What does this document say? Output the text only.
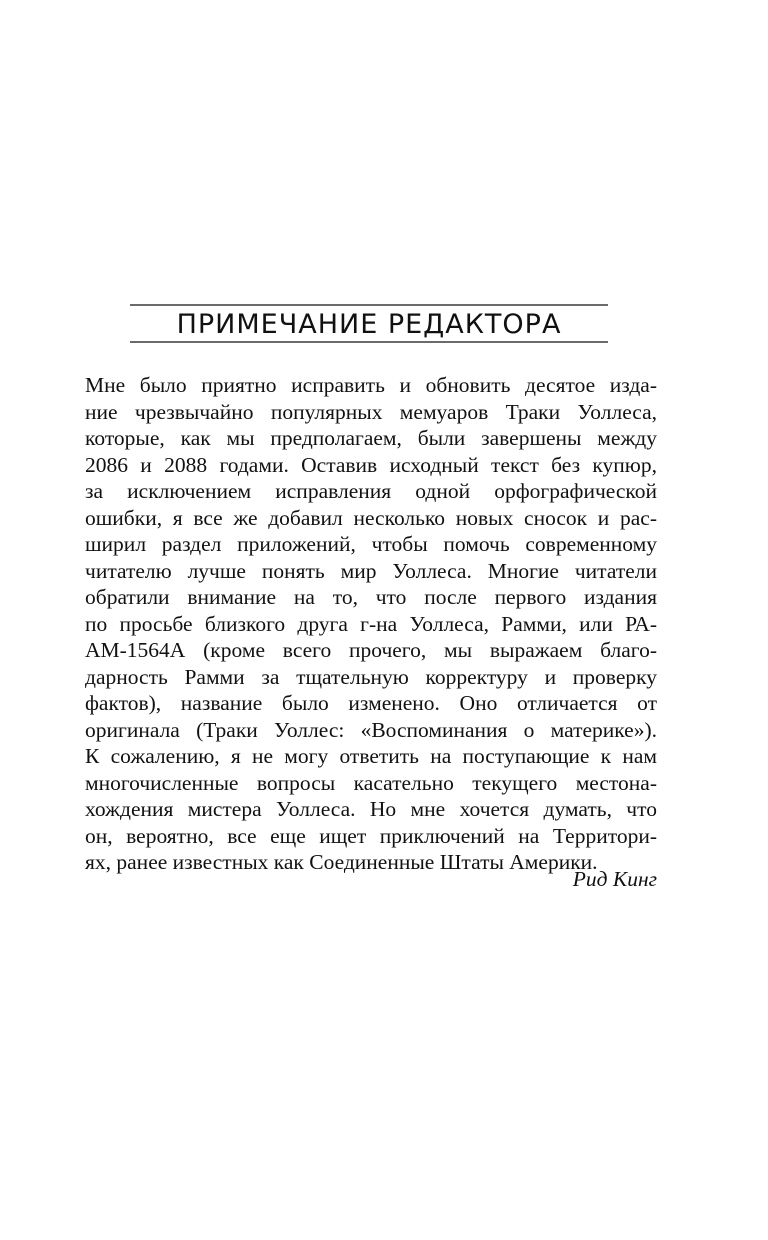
ПРИМЕЧАНИЕ РЕДАКТОРА
Мне было приятно исправить и обновить десятое изда-
ние чрезвычайно популярных мемуаров Траки Уоллеса,
которые, как мы предполагаем, были завершены между
2086 и 2088 годами. Оставив исходный текст без купюр,
за исключением исправления одной орфографической
ошибки, я все же добавил несколько новых сносок и рас-
ширил раздел приложений, чтобы помочь современному
читателю лучше понять мир Уоллеса. Многие читатели
обратили внимание на то, что после первого издания
по просьбе близкого друга г-на Уоллеса, Рамми, или РА-
АМ-1564А (кроме всего прочего, мы выражаем благо-
дарность Рамми за тщательную корректуру и проверку
фактов), название было изменено. Оно отличается от
оригинала (Траки Уоллес: «Воспоминания о материке»).
К сожалению, я не могу ответить на поступающие к нам
многочисленные вопросы касательно текущего местона-
хождения мистера Уоллеса. Но мне хочется думать, что
он, вероятно, все еще ищет приключений на Территори-
ях, ранее известных как Соединенные Штаты Америки.
Рид Кинг
